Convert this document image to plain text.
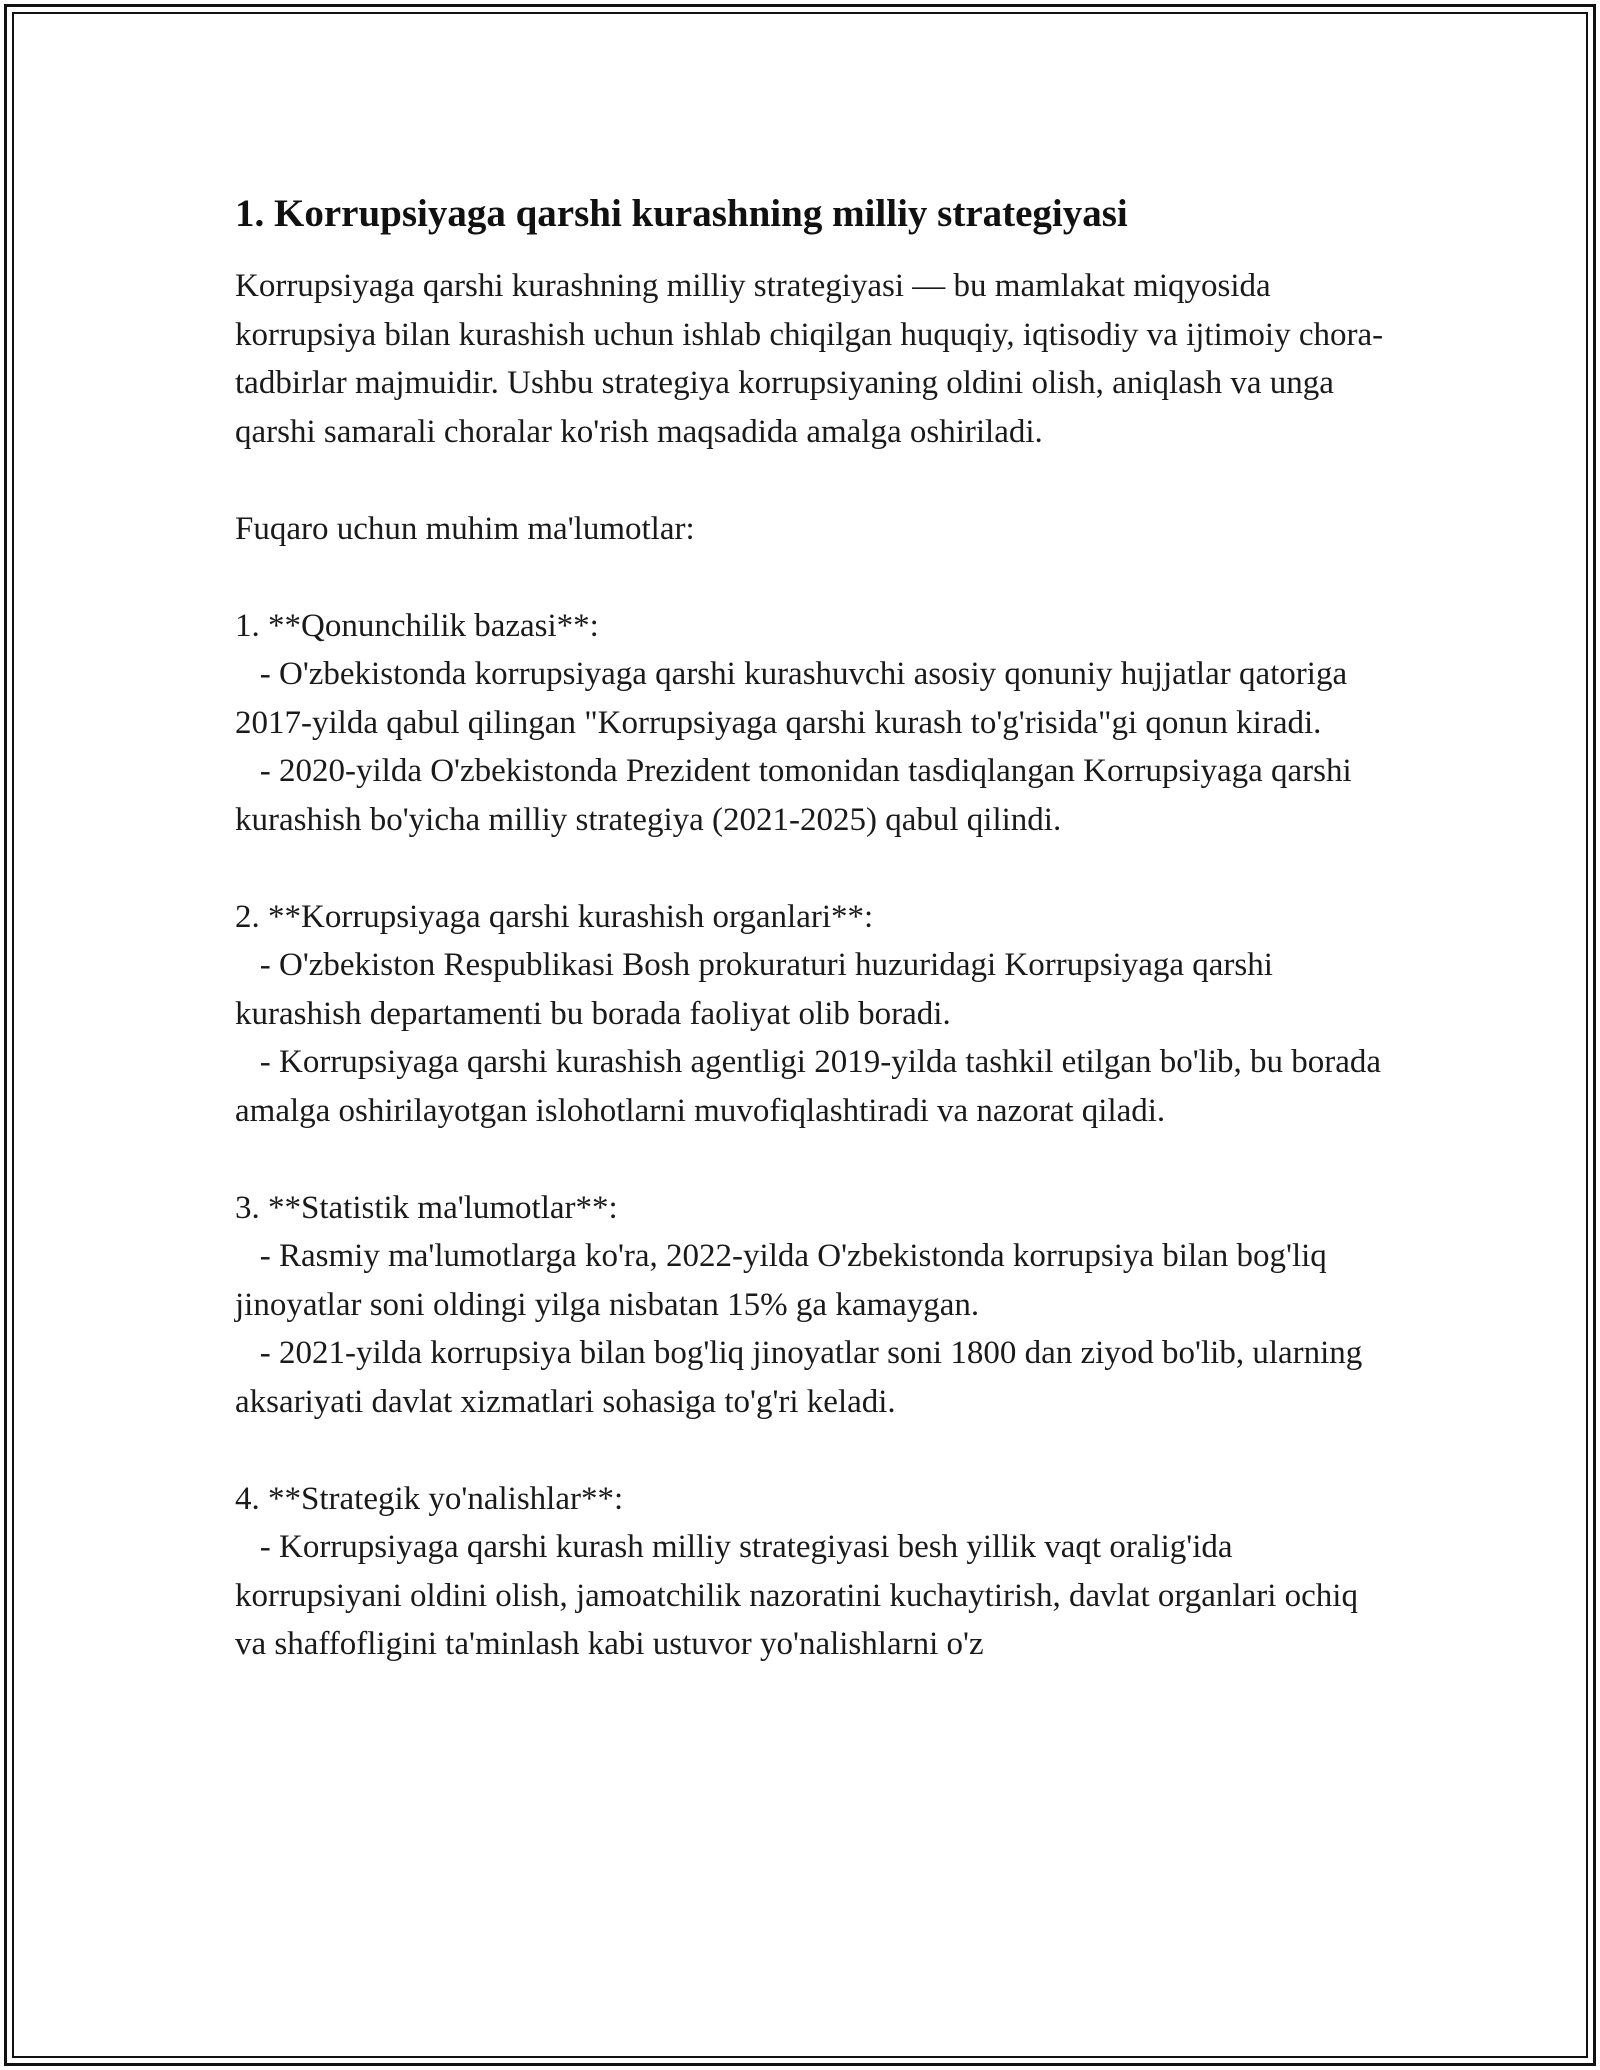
1. Korrupsiyaga qarshi kurashning milliy strategiyasi

Korrupsiyaga qarshi kurashning milliy strategiyasi — bu mamlakat miqyosida korrupsiya bilan kurashish uchun ishlab chiqilgan huquqiy, iqtisodiy va ijtimoiy chora-tadbirlar majmuidir. Ushbu strategiya korrupsiyaning oldini olish, aniqlash va unga qarshi samarali choralar ko'rish maqsadida amalga oshiriladi.

Fuqaro uchun muhim ma'lumotlar:

1. **Qonunchilik bazasi**:

- O'zbekistonda korrupsiyaga qarshi kurashuvchi asosiy qonuniy hujjatlar qatoriga 2017-yilda qabul qilingan "Korrupsiyaga qarshi kurash to'g'risida"gi qonun kiradi.

- 2020-yilda O'zbekistonda Prezident tomonidan tasdiqlangan Korrupsiyaga qarshi kurashish bo'yicha milliy strategiya (2021-2025) qabul qilindi.

2. **Korrupsiyaga qarshi kurashish organlari**:

- O'zbekiston Respublikasi Bosh prokuraturi huzuridagi Korrupsiyaga qarshi kurashish departamenti bu borada faoliyat olib boradi.

- Korrupsiyaga qarshi kurashish agentligi 2019-yilda tashkil etilgan bo'lib, bu borada amalga oshirilayotgan islohotlarni muvofiqlashtiradi va nazorat qiladi.

3. **Statistik ma'lumotlar**:

- Rasmiy ma'lumotlarga ko'ra, 2022-yilda O'zbekistonda korrupsiya bilan bog'liq jinoyatlar soni oldingi yilga nisbatan 15% ga kamaygan.

- 2021-yilda korrupsiya bilan bog'liq jinoyatlar soni 1800 dan ziyod bo'lib, ularning aksariyati davlat xizmatlari sohasiga to'g'ri keladi.

4. **Strategik yo'nalishlar**:

- Korrupsiyaga qarshi kurash milliy strategiyasi besh yillik vaqt oralig'ida korrupsiyani oldini olish, jamoatchilik nazoratini kuchaytirish, davlat organlari ochiq va shaffofligini ta'minlash kabi ustuvor yo'nalishlarni o'z
